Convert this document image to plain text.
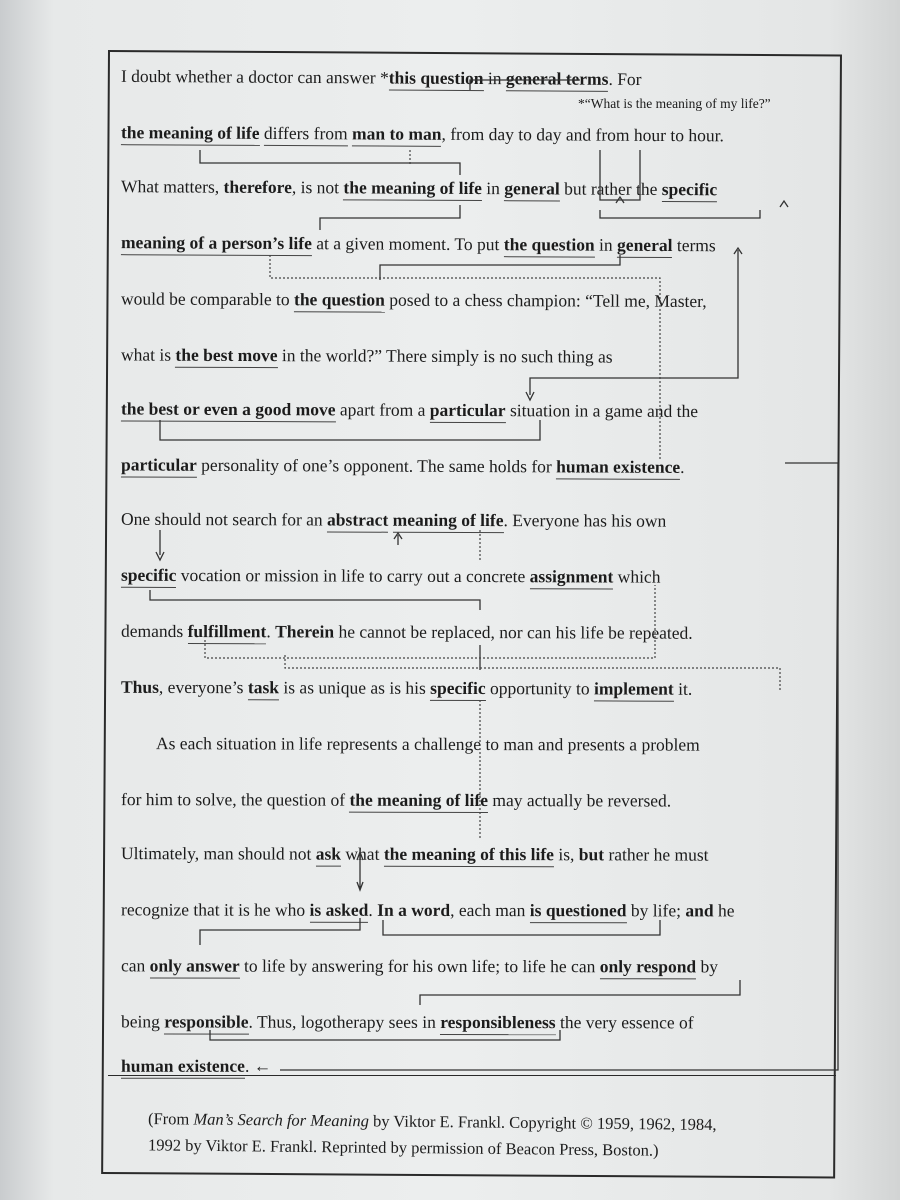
I doubt whether a doctor can answer *this question in general terms. For
the meaning of life differs from man to man, from day to day and from hour to hour.
What matters, therefore, is not the meaning of life in general but rather the specific
meaning of a person’s life at a given moment. To put the question in general terms
would be comparable to the question posed to a chess champion: “Tell me, Master,
what is the best move in the world?” There simply is no such thing as
the best or even a good move apart from a particular situation in a game and the
particular personality of one’s opponent. The same holds for human existence.
One should not search for an abstract meaning of life. Everyone has his own
specific vocation or mission in life to carry out a concrete assignment which
demands fulfillment. Therein he cannot be replaced, nor can his life be repeated.
Thus, everyone’s task is as unique as is his specific opportunity to implement it.
  As each situation in life represents a challenge to man and presents a problem
for him to solve, the question of the meaning of life may actually be reversed.
Ultimately, man should not ask what the meaning of this life is, but rather he must
recognize that it is he who is asked. In a word, each man is questioned by life; and he
can only answer to life by answering for his own life; to life he can only respond by
being responsible. Thus, logotherapy sees in responsibleness the very essence of
human existence. ←
*“What is the meaning of my life?”
(From Man’s Search for Meaning by Viktor E. Frankl. Copyright © 1959, 1962, 1984,
1992 by Viktor E. Frankl. Reprinted by permission of Beacon Press, Boston.)
